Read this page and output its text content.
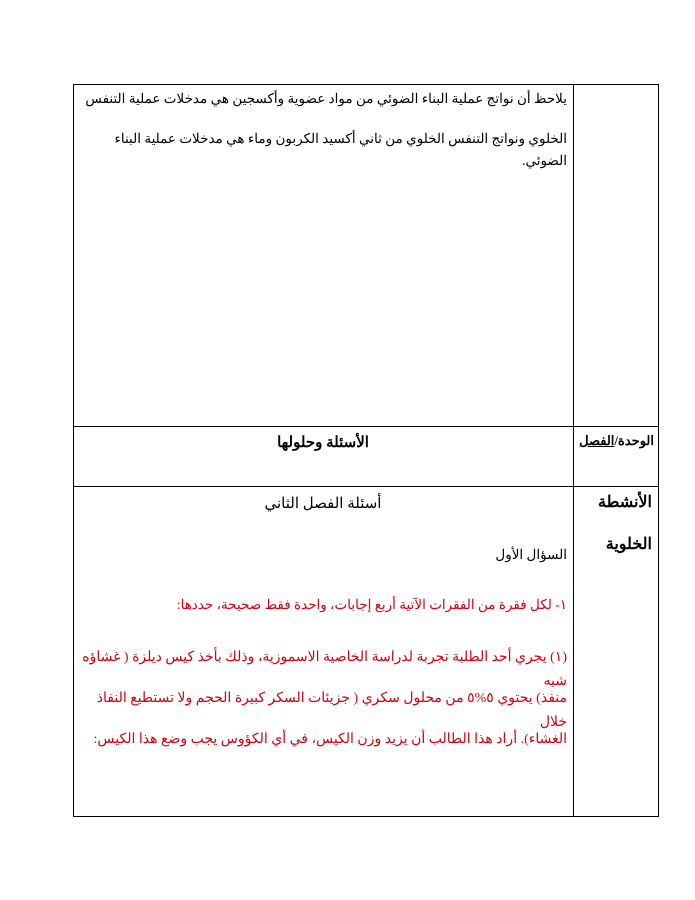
يلاحظ أن نواتج عملية البناء الضوئي من مواد عضوية وأكسجين هي مدخلات عملية التنفس
الخلوي ونواتج التنفس الخلوي من ثاني أكسيد الكربون وماء هي مدخلات عملية البناء الضوئي.
الوحدة/الفصل
الأسئلة وحلولها
الأنشطة
الخلوية
أسئلة الفصل الثاني
السؤال الأول
١- لكل فقرة من الفقرات الآتية أربع إجابات، واحدة فقط صحيحة، حددها:
(١) يجري أحد الطلبة تجربة لدراسة الخاصية الاسموزية، وذلك بأخذ كيس ديلزة ( غشاؤه شبه
منفذ) يحتوي ٥%٥ من محلول سكري ( جزيئات السكر كبيرة الحجم ولا تستطيع النفاذ خلال
الغشاء). أراد هذا الطالب أن يزيد وزن الكيس، في أي الكؤوس يجب وضع هذا الكيس:
